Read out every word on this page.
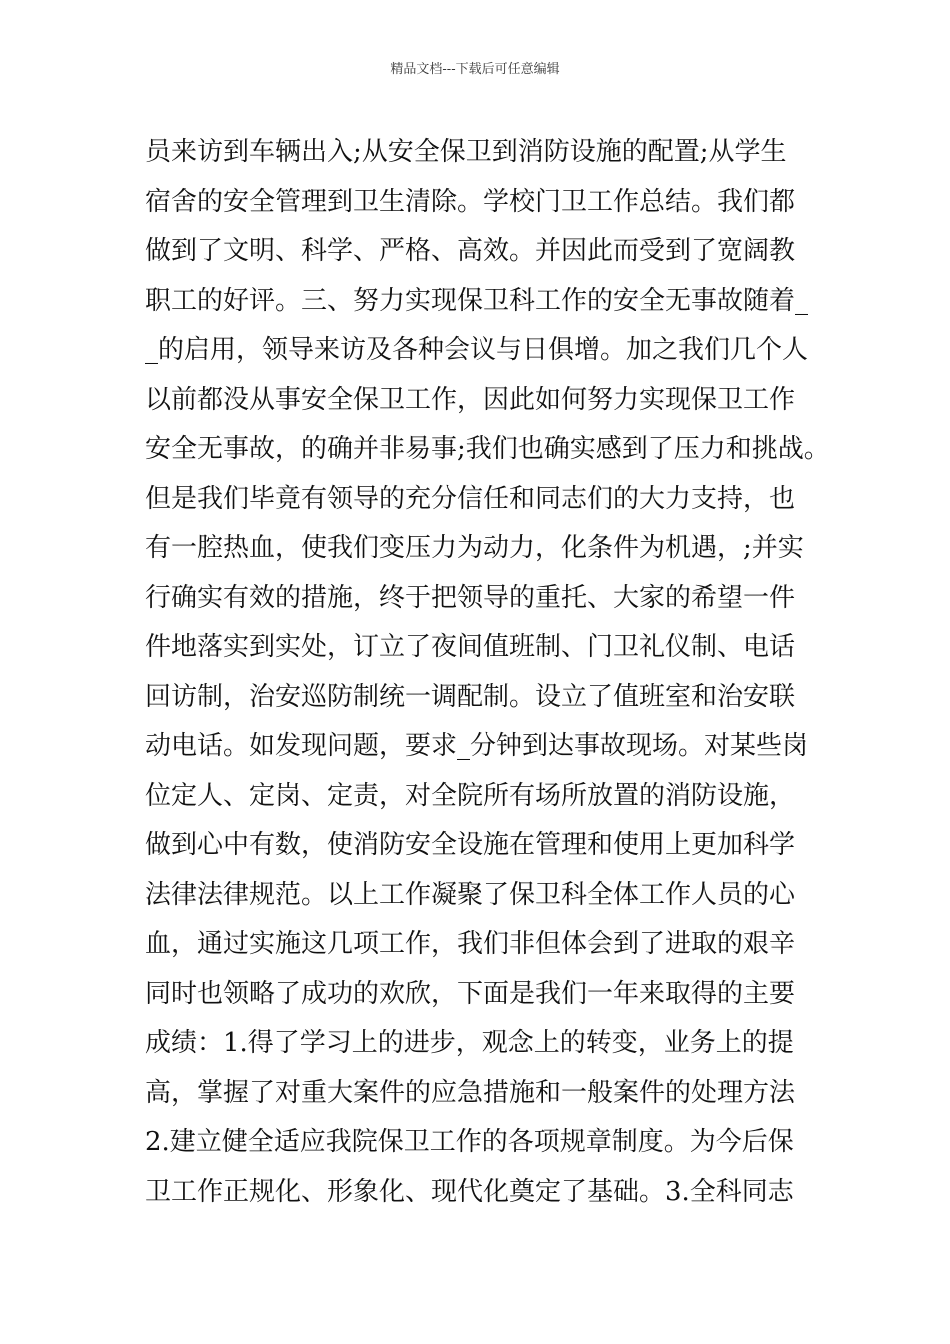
精品文档---下载后可任意编辑
员来访到车辆出入;从安全保卫到消防设施的配置;从学生
宿舍的安全管理到卫生清除。学校门卫工作总结。我们都
做到了文明、科学、严格、高效。并因此而受到了宽阔教
职工的好评。三、努力实现保卫科工作的安全无事故随着_
_的启用，领导来访及各种会议与日俱增。加之我们几个人
以前都没从事安全保卫工作，因此如何努力实现保卫工作
安全无事故，的确并非易事;我们也确实感到了压力和挑战。
但是我们毕竟有领导的充分信任和同志们的大力支持，也
有一腔热血，使我们变压力为动力，化条件为机遇，;并实
行确实有效的措施，终于把领导的重托、大家的希望一件
件地落实到实处，订立了夜间值班制、门卫礼仪制、电话
回访制，治安巡防制统一调配制。设立了值班室和治安联
动电话。如发现问题，要求_分钟到达事故现场。对某些岗
位定人、定岗、定责，对全院所有场所放置的消防设施，
做到心中有数，使消防安全设施在管理和使用上更加科学
法律法律规范。以上工作凝聚了保卫科全体工作人员的心
血，通过实施这几项工作，我们非但体会到了进取的艰辛
同时也领略了成功的欢欣，下面是我们一年来取得的主要
成绩：1.得了学习上的进步，观念上的转变，业务上的提
高，掌握了对重大案件的应急措施和一般案件的处理方法
2.建立健全适应我院保卫工作的各项规章制度。为今后保
卫工作正规化、形象化、现代化奠定了基础。3.全科同志
